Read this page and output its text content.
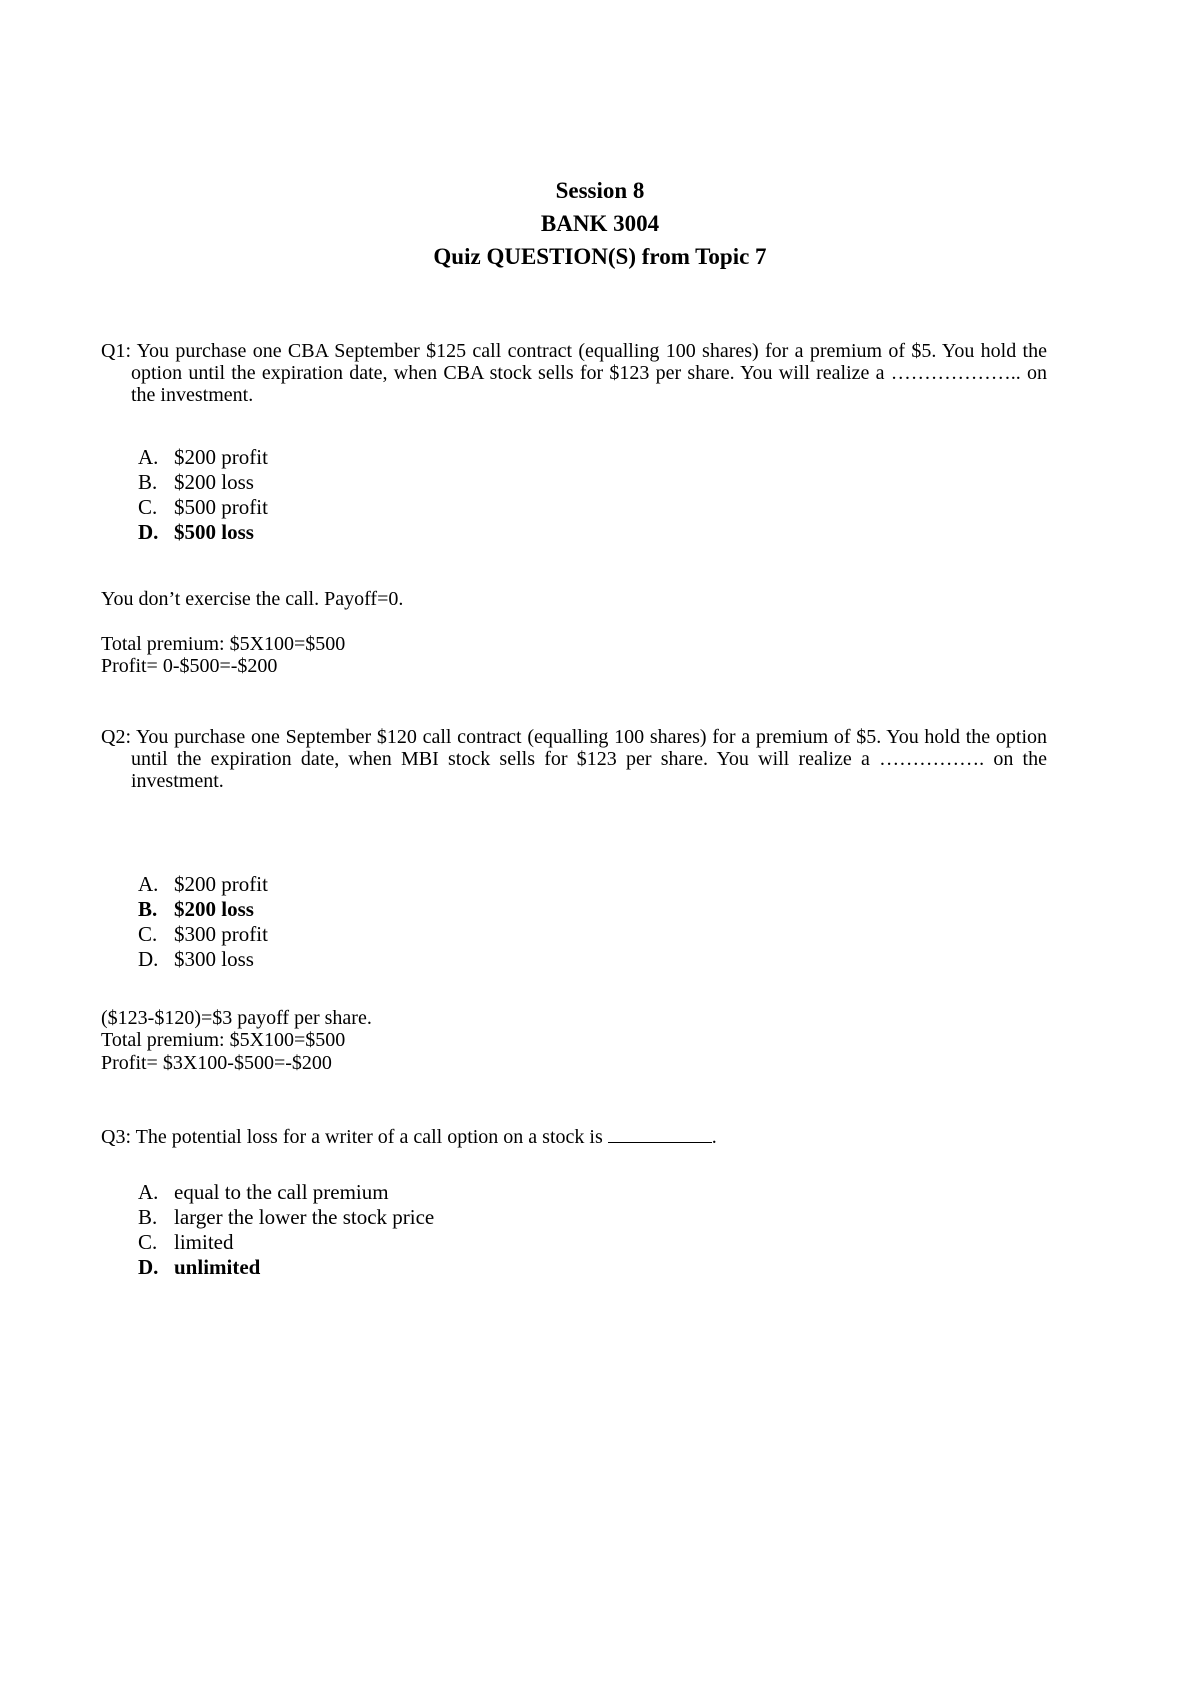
Session 8
BANK 3004
Quiz QUESTION(S) from Topic 7
Q1: You purchase one CBA September $125 call contract (equalling 100 shares) for a premium of $5. You hold the option until the expiration date, when CBA stock sells for $123 per share. You will realize a ……………….. on the investment.
A. $200 profit
B. $200 loss
C. $500 profit
D. $500 loss
You don’t exercise the call. Payoff=0.
Total premium: $5X100=$500
Profit= 0-$500=-$200
Q2: You purchase one September $120 call contract (equalling 100 shares) for a premium of $5. You hold the option until the expiration date, when MBI stock sells for $123 per share. You will realize a ……………. on the investment.
A. $200 profit
B. $200 loss
C. $300 profit
D. $300 loss
($123-$120)=$3 payoff per share.
Total premium: $5X100=$500
Profit= $3X100-$500=-$200
Q3: The potential loss for a writer of a call option on a stock is	.
A. equal to the call premium
B. larger the lower the stock price
C. limited
D. unlimited
